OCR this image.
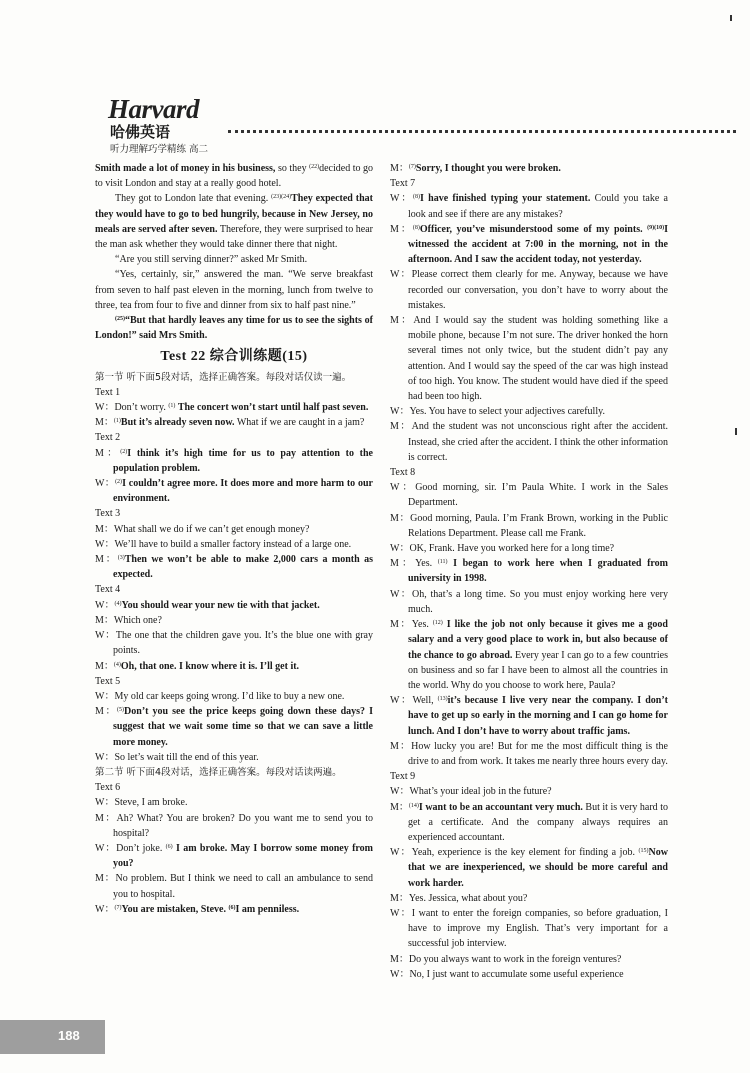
Harvard
哈佛英语
听力理解巧学精练 高二
Smith made a lot of money in his business, so they $^{(22)}$decided to go to visit London and stay at a really good hotel.
They got to London late that evening. $^{(23)(24)}$They expected that they would have to go to bed hungrily, because in New Jersey, no meals are served after seven. Therefore, they were surprised to hear the man ask whether they would take dinner there that night.
“Are you still serving dinner?” asked Mr Smith.
“Yes, certainly, sir,” answered the man. “We serve breakfast from seven to half past eleven in the morning, lunch from twelve to three, tea from four to five and dinner from six to half past nine.”
$^{(25)}$“But that hardly leaves any time for us to see the sights of London!” said Mrs Smith.
Test 22 综合训练题(15)
第一节 听下面5段对话，选择正确答案。每段对话仅读一遍。
Text 1
W：Don’t worry. $^{(1)}$ The concert won’t start until half past seven.
M：$^{(1)}$But it’s already seven now. What if we are caught in a jam?
Text 2
M：$^{(2)}$I think it’s high time for us to pay attention to the population problem.
W：$^{(2)}$I couldn’t agree more. It does more and more harm to our environment.
Text 3
M：What shall we do if we can’t get enough money?
W：We’ll have to build a smaller factory instead of a large one.
M：$^{(3)}$Then we won’t be able to make 2,000 cars a month as expected.
Text 4
W：$^{(4)}$You should wear your new tie with that jacket.
M：Which one?
W：The one that the children gave you. It’s the blue one with gray points.
M：$^{(4)}$Oh, that one. I know where it is. I’ll get it.
Text 5
W：My old car keeps going wrong. I’d like to buy a new one.
M：$^{(5)}$Don’t you see the price keeps going down these days? I suggest that we wait some time so that we can save a little more money.
W：So let’s wait till the end of this year.
第二节 听下面4段对话，选择正确答案。每段对话读两遍。
Text 6
W：Steve, I am broke.
M：Ah? What? You are broken? Do you want me to send you to hospital?
W：Don’t joke. $^{(6)}$ I am broke. May I borrow some money from you?
M：No problem. But I think we need to call an ambulance to send you to hospital.
W：$^{(7)}$You are mistaken, Steve. $^{(6)}$I am penniless.
M：$^{(7)}$Sorry, I thought you were broken.
Text 7
W：$^{(8)}$I have finished typing your statement. Could you take a look and see if there are any mistakes?
M：$^{(8)}$Officer, you’ve misunderstood some of my points. $^{(9)(10)}$I witnessed the accident at 7:00 in the morning, not in the afternoon. And I saw the accident today, not yesterday.
W：Please correct them clearly for me. Anyway, because we have recorded our conversation, you don’t have to worry about the mistakes.
M：And I would say the student was holding something like a mobile phone, because I’m not sure. The driver honked the horn several times not only twice, but the student didn’t pay any attention. And I would say the speed of the car was high instead of too high. You know. The student would have died if the speed had been too high.
W：Yes. You have to select your adjectives carefully.
M：And the student was not unconscious right after the accident. Instead, she cried after the accident. I think the other information is correct.
Text 8
W：Good morning, sir. I’m Paula White. I work in the Sales Department.
M：Good morning, Paula. I’m Frank Brown, working in the Public Relations Department. Please call me Frank.
W：OK, Frank. Have you worked here for a long time?
M：Yes. $^{(11)}$ I began to work here when I graduated from university in 1998.
W：Oh, that’s a long time. So you must enjoy working here very much.
M：Yes. $^{(12)}$ I like the job not only because it gives me a good salary and a very good place to work in, but also because of the chance to go abroad. Every year I can go to a few countries on business and so far I have been to almost all the countries in the world. Why do you choose to work here, Paula?
W：Well, $^{(13)}$it’s because I live very near the company. I don’t have to get up so early in the morning and I can go home for lunch. And I don’t have to worry about traffic jams.
M：How lucky you are! But for me the most difficult thing is the drive to and from work. It takes me nearly three hours every day.
Text 9
W：What’s your ideal job in the future?
M：$^{(14)}$I want to be an accountant very much. But it is very hard to get a certificate. And the company always requires an experienced accountant.
W：Yeah, experience is the key element for finding a job. $^{(15)}$Now that we are inexperienced, we should be more careful and work harder.
M：Yes. Jessica, what about you?
W：I want to enter the foreign companies, so before graduation, I have to improve my English. That’s very important for a successful job interview.
M：Do you always want to work in the foreign ventures?
W：No, I just want to accumulate some useful experience
188
